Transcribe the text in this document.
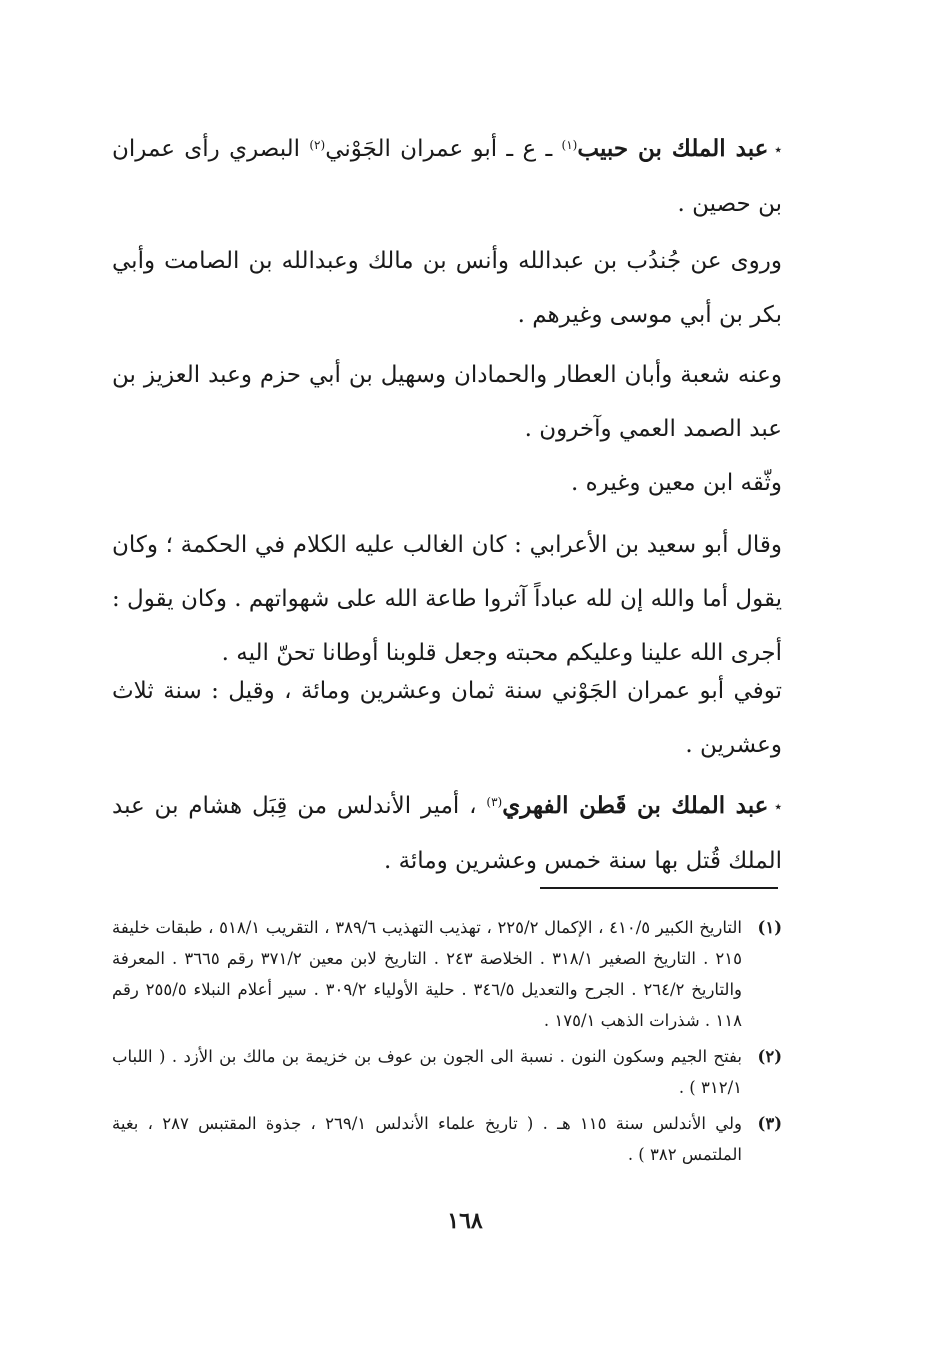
٭عبد الملك بن حبيب$^{(١)}$ ـ ع ـ أبو عمران الجَوْني$^{(٢)}$ البصري رأى عمران بن حصين .

وروى عن جُندُب بن عبدالله وأنس بن مالك وعبدالله بن الصامت وأبي بكر بن أبي موسى وغيرهم .

وعنه شعبة وأبان العطار والحمادان وسهيل بن أبي حزم وعبد العزيز بن عبد الصمد العمي وآخرون .

وثّقه ابن معين وغيره .

وقال أبو سعيد بن الأعرابي : كان الغالب عليه الكلام في الحكمة ؛ وكان يقول أما والله إن لله عباداً آثروا طاعة الله على شهواتهم . وكان يقول : أجرى الله علينا وعليكم محبته وجعل قلوبنا أوطانا تحنّ اليه .

توفي أبو عمران الجَوْني سنة ثمان وعشرين ومائة ، وقيل : سنة ثلاث وعشرين .

٭عبد الملك بن قَطن الفهري$^{(٣)}$ ، أمير الأندلس من قِبَل هشام بن عبد الملك قُتل بها سنة خمس وعشرين ومائة .

(١)
التاريخ الكبير ٤١٠/٥ ، الإكمال ٢٢٥/٢ ، تهذيب التهذيب ٣٨٩/٦ ، التقريب ٥١٨/١ ، طبقات خليفة ٢١٥ . التاريخ الصغير ٣١٨/١ . الخلاصة ٢٤٣ . التاريخ لابن معين ٣٧١/٢ رقم ٣٦٦٥ . المعرفة والتاريخ ٢٦٤/٢ . الجرح والتعديل ٣٤٦/٥ . حلية الأولياء ٣٠٩/٢ . سير أعلام النبلاء ٢٥٥/٥ رقم ١١٨ . شذرات الذهب ١٧٥/١ .
(٢)
بفتح الجيم وسكون النون . نسبة الى الجون بن عوف بن خزيمة بن مالك بن الأزد . ( اللباب ٣١٢/١ ) .
(٣)
ولي الأندلس سنة ١١٥ هـ . ( تاريخ علماء الأندلس ٢٦٩/١ ، جذوة المقتبس ٢٨٧ ، بغية الملتمس ٣٨٢ ) .
١٦٨
